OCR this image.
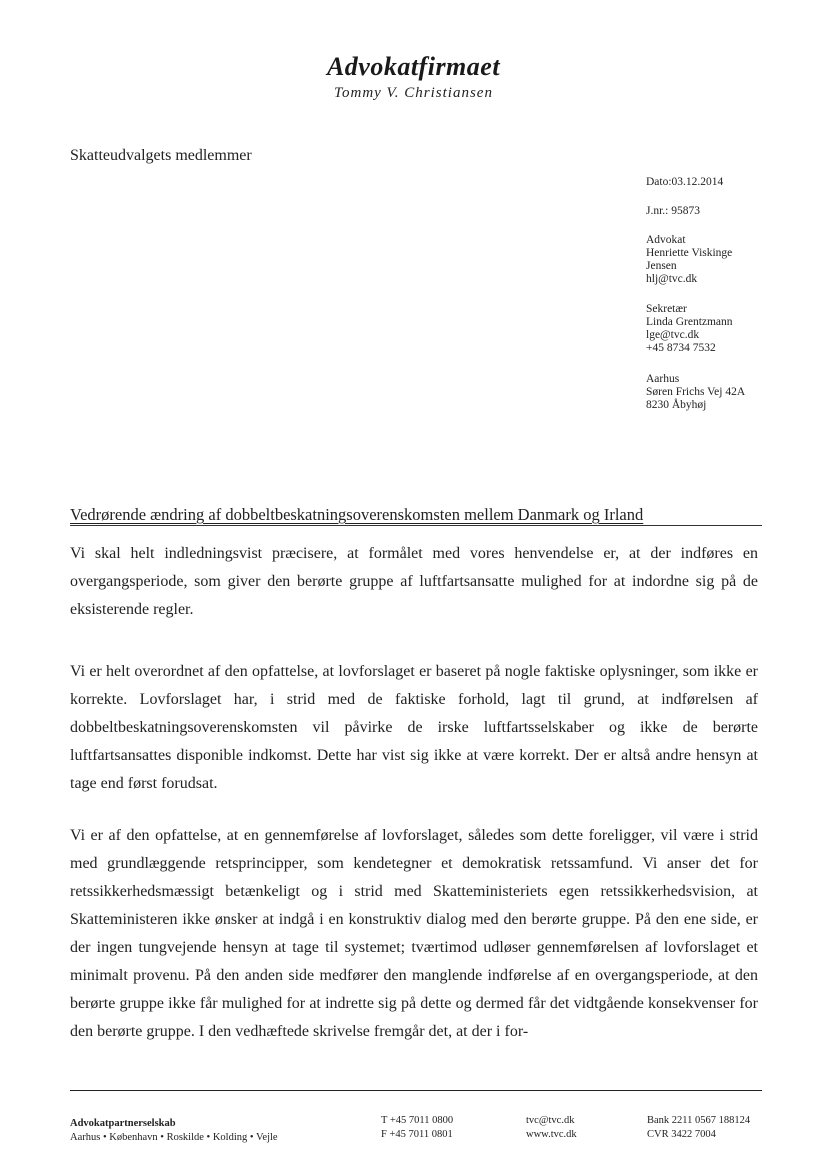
Advokatfirmaet
Tommy V. Christiansen
Skatteudvalgets medlemmer
Dato:03.12.2014
J.nr.: 95873
Advokat
Henriette Viskinge
Jensen
hlj@tvc.dk
Sekretær
Linda Grentzmann
lge@tvc.dk
+45 8734 7532
Aarhus
Søren Frichs Vej 42A
8230 Åbyhøj
Vedrørende ændring af dobbeltbeskatningsoverenskomsten mellem Danmark og Irland

Vi skal helt indledningsvist præcisere, at formålet med vores henvendelse er, at der indføres en overgangsperiode, som giver den berørte gruppe af luftfartsansatte mulighed for at indordne sig på de eksisterende regler.

Vi er helt overordnet af den opfattelse, at lovforslaget er baseret på nogle faktiske oplysninger, som ikke er korrekte. Lovforslaget har, i strid med de faktiske forhold, lagt til grund, at indførelsen af dobbeltbeskatningsoverenskomsten vil påvirke de irske luftfartsselskaber og ikke de berørte luftfartsansattes disponible indkomst. Dette har vist sig ikke at være korrekt. Der er altså andre hensyn at tage end først forudsat.

Vi er af den opfattelse, at en gennemførelse af lovforslaget, således som dette foreligger, vil være i strid med grundlæggende retsprincipper, som kendetegner et demokratisk retssamfund. Vi anser det for retssikkerhedsmæssigt betænkeligt og i strid med Skatteministeriets egen retssikkerhedsvision, at Skatteministeren ikke ønsker at indgå i en konstruktiv dialog med den berørte gruppe. På den ene side, er der ingen tungvejende hensyn at tage til systemet; tværtimod udløser gennemførelsen af lovforslaget et minimalt provenu. På den anden side medfører den manglende indførelse af en overgangsperiode, at den berørte gruppe ikke får mulighed for at indrette sig på dette og dermed får det vidtgående konsekvenser for den berørte gruppe. I den vedhæftede skrivelse fremgår det, at der i for-

Advokatpartnerselskab
Aarhus • København • Roskilde • Kolding • Vejle
T +45 7011 0800
F +45 7011 0801
tvc@tvc.dk
www.tvc.dk
Bank 2211 0567 188124
CVR 3422 7004
